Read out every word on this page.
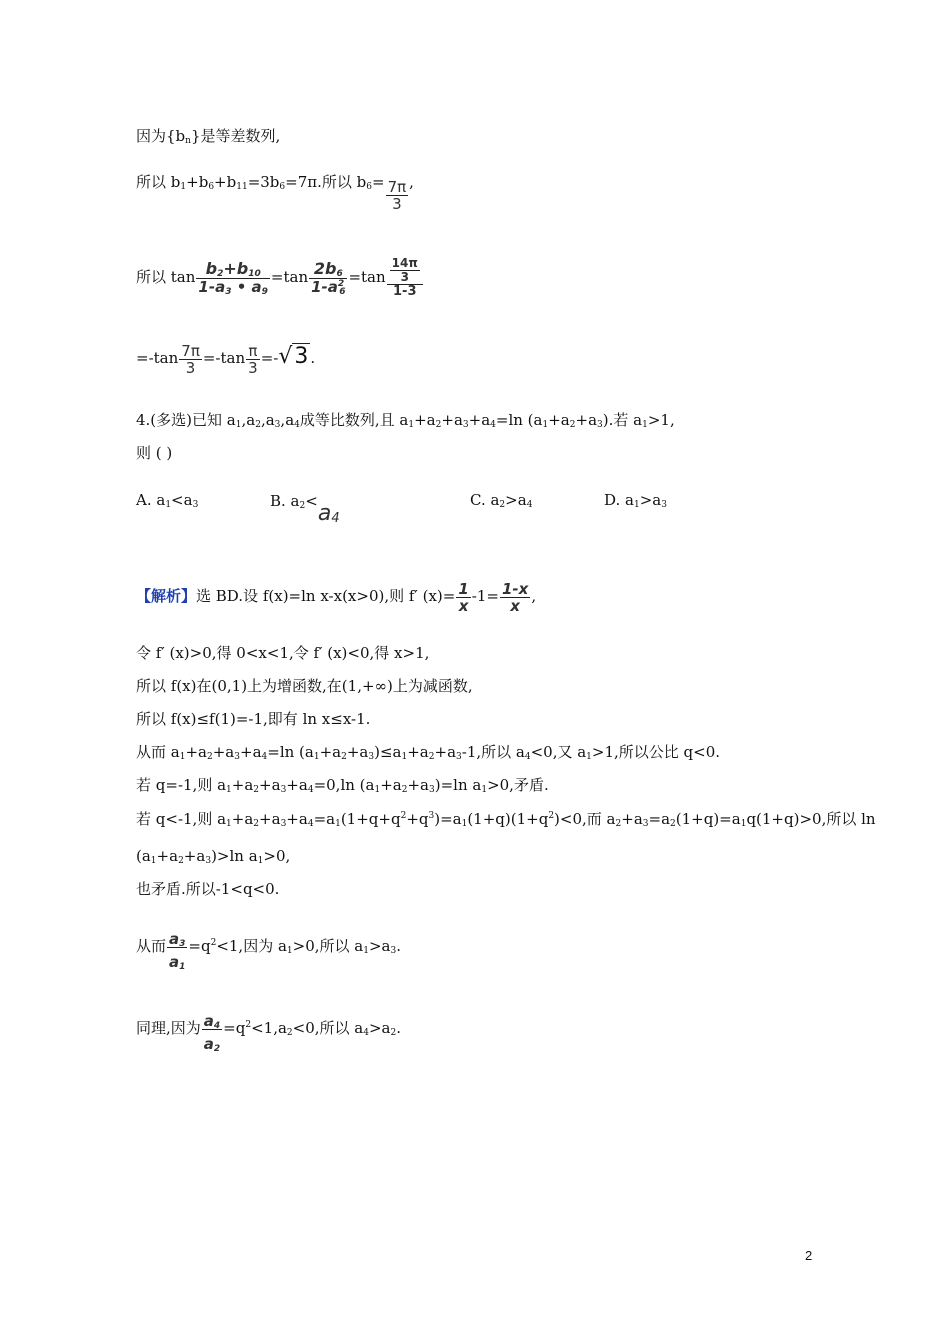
因为$\{b_n\}$是等差数列,
所以 $b_1+b_6+b_{11}=3b_6=7\pi$.所以 $b_6= \frac{7\pi}{3}$ ,
所以 $\tan \frac{b_2+b_{10}}{1-a_3 • a_9} =\tan \frac{2b_6}{1-a^2_6} =\tan \frac{\frac{14\pi}{3}}{1-3}$
$=-\tan \frac{7\pi}{3} =-\tan \frac{\pi}{3} =-√3$ .
4.(多选)已知 $a_1,a_2,a_3,a_4$成等比数列,且 $a_1+a_2+a_3+a_4=\ln$ $(a_1+a_2+a_3)$.若 $a_1>1$,
则 ( )
A. $a_1<a_3$	B. $a_2<a_4$
C. $a_2>a_4$	D. $a_1>a_3$
【解析】选 BD.设 f(x)=ln x-x(x>0),则 f′ $(x)= \frac{1}{x} -1= \frac{1-x}{x}$ ,
令 f′ (x)>0,得 0<x<1,令 f′ (x)<0,得 x>1,
所以 f(x)在(0,1)上为增函数,在(1,+∞)上为减函数,
所以 f(x)≤f(1)=-1,即有 ln x≤x-1.
从而 $a_1+a_2+a_3+a_4=\ln$ $(a_1+a_2+a_3)\le a_1+a_2+a_3-1$,所以 $a_4<0$,又 $a_1>1$,所以公比 q<0.
若 q=-1,则 $a_1+a_2+a_3+a_4=0,\ln$ $(a_1+a_2+a_3)=\ln$ $a_1>0$,矛盾.
若 q<-1,则 $a_1+a_2+a_3+a_4=a_1(1+q+q^2+q^3)=a_1(1+q)(1+q^2)<0$,而 $a_2+a_3=a_2(1+q)=a_1q(1+q)>0$,所以 ln
$(a_1+a_2+a_3)>\ln$ $a_1>0$,
也矛盾.所以-1<q<0.
从而 $\frac{a_3}{a_1} =q^2<1$,因为 $a_1>0$,所以 $a_1>a_3$.
同理,因为 $\frac{a_4}{a_2} =q^2<1,a_2<0$,所以 $a_4>a_2$.
2
